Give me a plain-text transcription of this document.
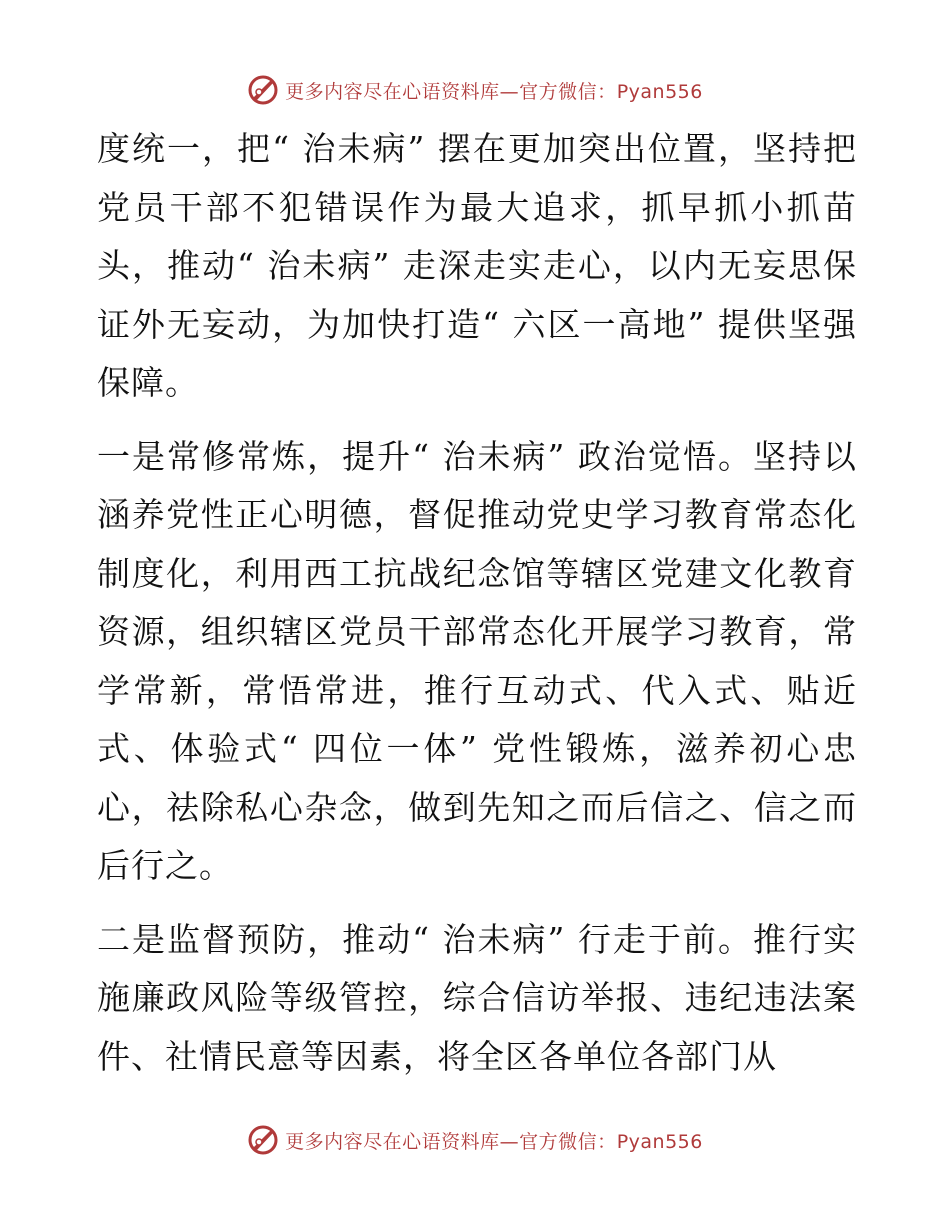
更多内容尽在心语资料库—官方微信：Pyan556

度统一，把“ 治未病” 摆在更加突出位置，坚持把党员干部不犯错误作为最大追求，抓早抓小抓苗头，推动“ 治未病” 走深走实走心，以内无妄思保证外无妄动，为加快打造“ 六区一高地” 提供坚强保障。

一是常修常炼，提升“ 治未病” 政治觉悟。坚持以涵养党性正心明德，督促推动党史学习教育常态化制度化，利用西工抗战纪念馆等辖区党建文化教育资源，组织辖区党员干部常态化开展学习教育，常学常新，常悟常进，推行互动式、代入式、贴近式、体验式“ 四位一体” 党性锻炼，滋养初心忠心，祛除私心杂念，做到先知之而后信之、信之而后行之。

二是监督预防，推动“ 治未病” 行走于前。推行实施廉政风险等级管控，综合信访举报、违纪违法案件、社情民意等因素，将全区各单位各部门从

更多内容尽在心语资料库—官方微信：Pyan556
